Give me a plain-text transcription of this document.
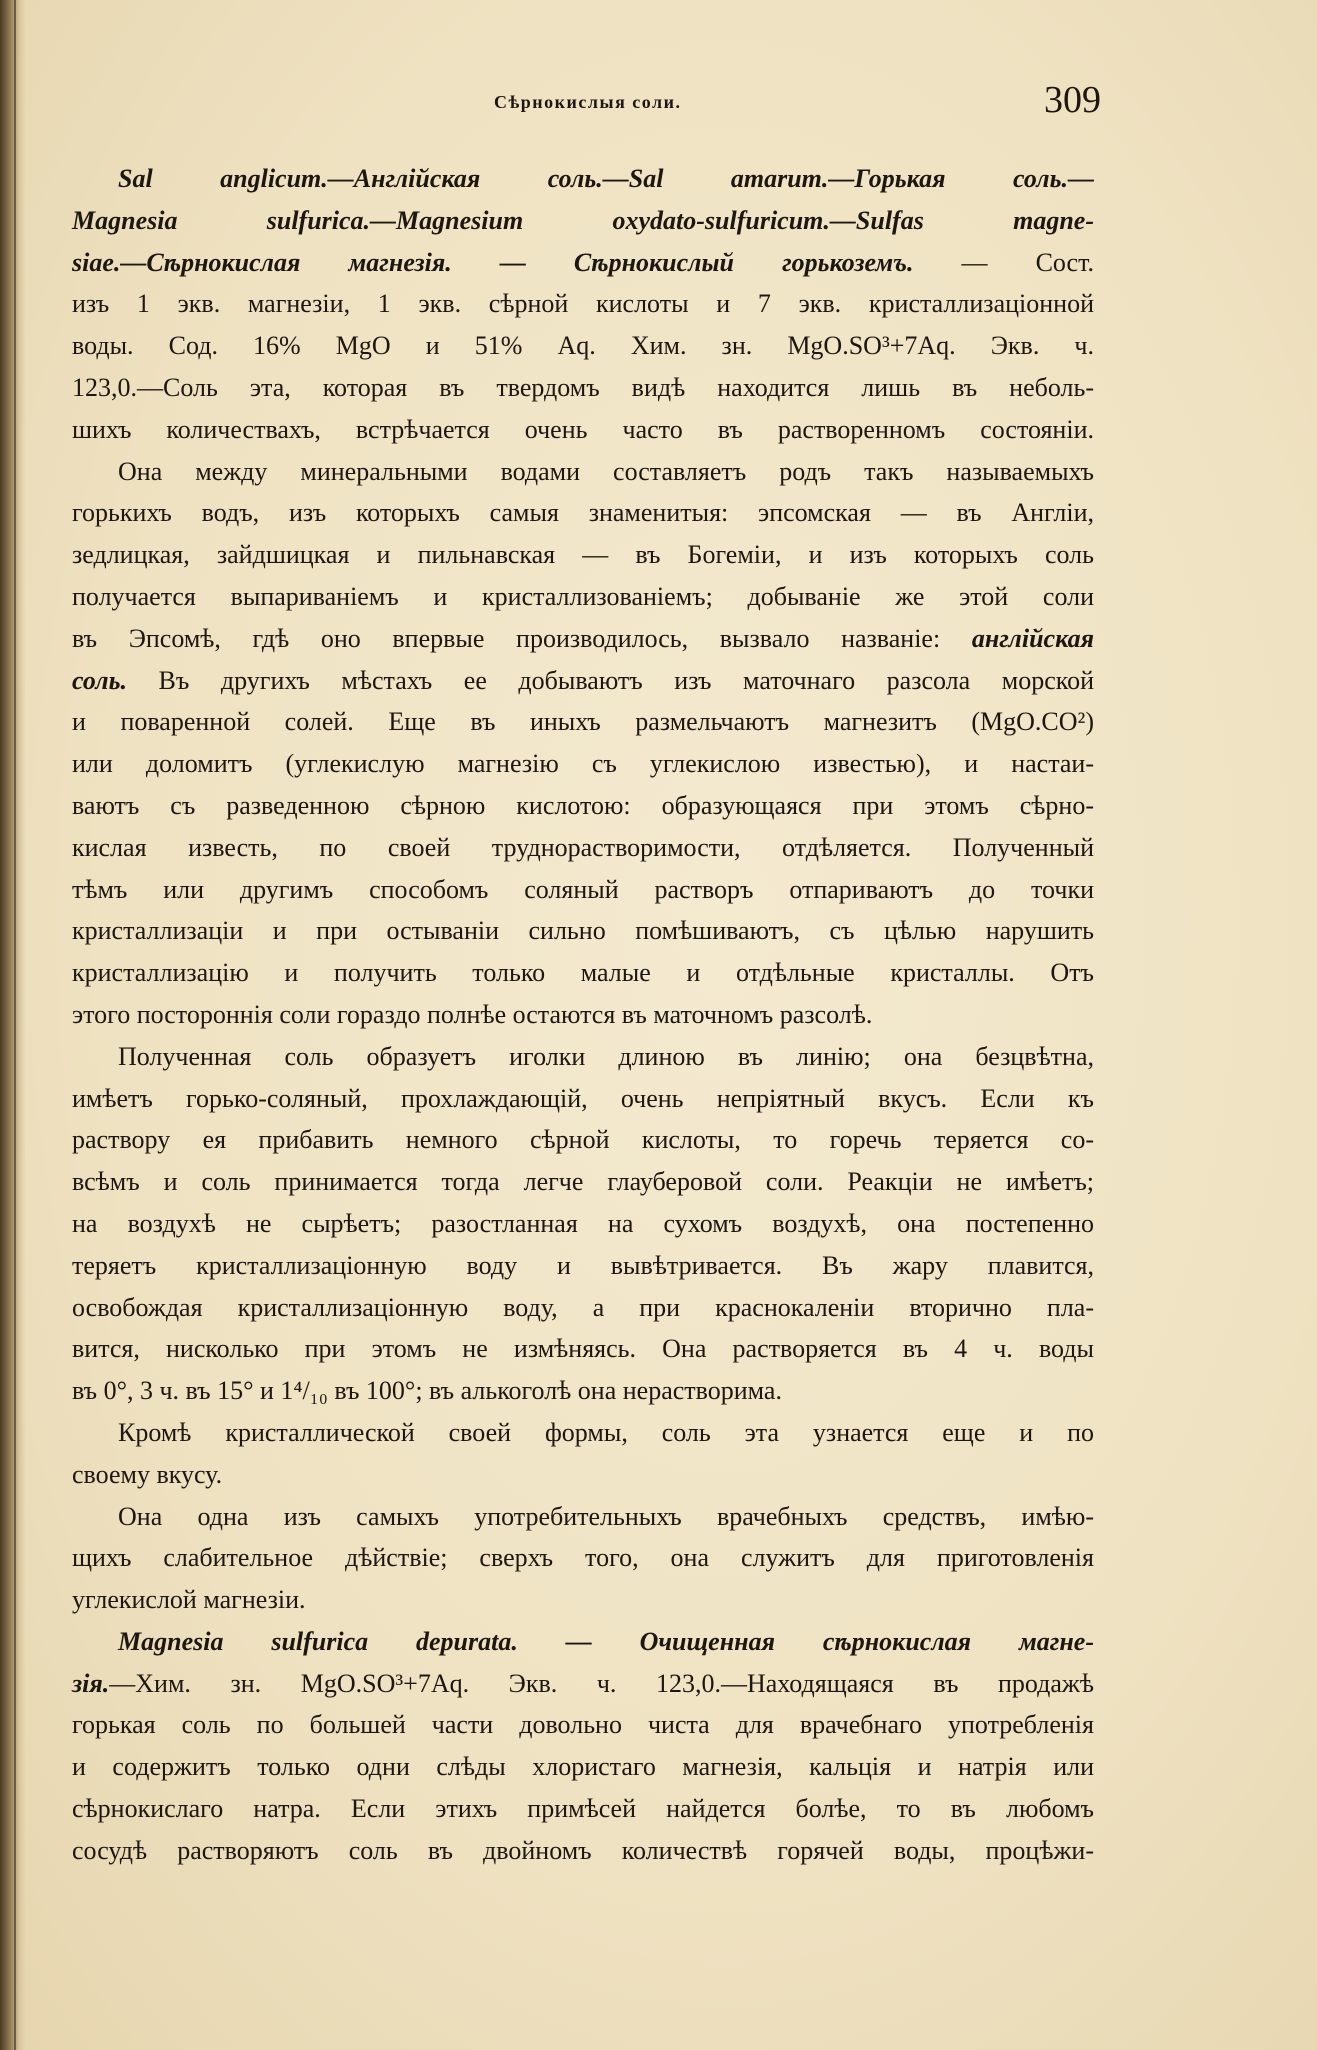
Сѣрнокислыя соли.	309
Sal anglicum.—Англійская соль.—Sal amarum.—Горькая соль.—
Magnesia sulfurica.—Magnesium oxydato-sulfuricum.—Sulfas magne-
siae.—Сѣрнокислая магнезія. — Сѣрнокислый горькоземъ. — Сост.
изъ 1 экв. магнезіи, 1 экв. сѣрной кислоты и 7 экв. кристаллизаціонной
воды. Сод. 16% MgO и 51% Aq. Хим. зн. MgO.SO³+7Aq. Экв. ч.
123,0.—Соль эта, которая въ твердомъ видѣ находится лишь въ неболь-
шихъ количествахъ, встрѣчается очень часто въ растворенномъ состояніи.
Она между минеральными водами составляетъ родъ такъ называемыхъ
горькихъ водъ, изъ которыхъ самыя знаменитыя: эпсомская — въ Англіи,
зедлицкая, зайдшицкая и пильнавская — въ Богеміи, и изъ которыхъ соль
получается выпариваніемъ и кристаллизованіемъ; добываніе же этой соли
въ Эпсомѣ, гдѣ оно впервые производилось, вызвало названіе: англійская
соль. Въ другихъ мѣстахъ ее добываютъ изъ маточнаго разсола морской
и поваренной солей. Еще въ иныхъ размельчаютъ магнезитъ (MgO.CO²)
или доломитъ (углекислую магнезію съ углекислою известью), и настаи-
ваютъ съ разведенною сѣрною кислотою: образующаяся при этомъ сѣрно-
кислая известь, по своей труднорастворимости, отдѣляется. Полученный
тѣмъ или другимъ способомъ соляный растворъ отпариваютъ до точки
кристаллизаціи и при остываніи сильно помѣшиваютъ, съ цѣлью нарушить
кристаллизацію и получить только малые и отдѣльные кристаллы. Отъ
этого постороннія соли гораздо полнѣе остаются въ маточномъ разсолѣ.
Полученная соль образуетъ иголки длиною въ линію; она безцвѣтна,
имѣетъ горько-соляный, прохлаждающій, очень непріятный вкусъ. Если къ
раствору ея прибавить немного сѣрной кислоты, то горечь теряется со-
всѣмъ и соль принимается тогда легче глауберовой соли. Реакціи не имѣетъ;
на воздухѣ не сырѣетъ; разостланная на сухомъ воздухѣ, она постепенно
теряетъ кристаллизаціонную воду и вывѣтривается. Въ жару плавится,
освобождая кристаллизаціонную воду, а при краснокаленіи вторично пла-
вится, нисколько при этомъ не измѣняясь. Она растворяется въ 4 ч. воды
въ 0°, 3 ч. въ 15° и 1⁴/₁₀ въ 100°; въ алькоголѣ она нерастворима.
Кромѣ кристаллической своей формы, соль эта узнается еще и по
своему вкусу.
Она одна изъ самыхъ употребительныхъ врачебныхъ средствъ, имѣю-
щихъ слабительное дѣйствіе; сверхъ того, она служитъ для приготовленія
углекислой магнезіи.
Magnesia sulfurica depurata. — Очищенная сѣрнокислая магне-
зія.—Хим. зн. MgO.SO³+7Aq. Экв. ч. 123,0.—Находящаяся въ продажѣ
горькая соль по большей части довольно чиста для врачебнаго употребленія
и содержитъ только одни слѣды хлористаго магнезія, кальція и натрія или
сѣрнокислаго натра. Если этихъ примѣсей найдется болѣе, то въ любомъ
сосудѣ растворяютъ соль въ двойномъ количествѣ горячей воды, процѣжи-
